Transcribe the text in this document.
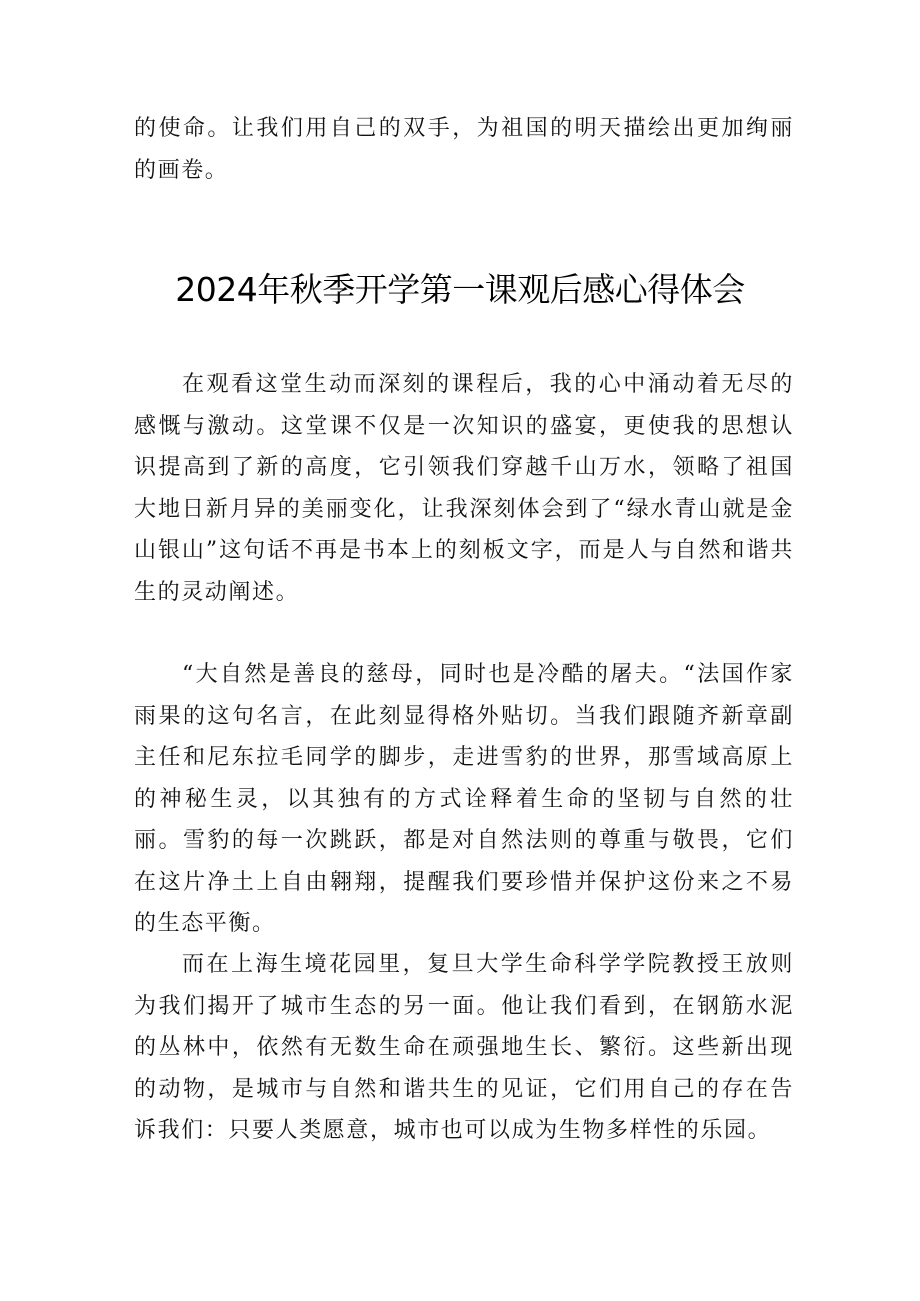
的使命。让我们用自己的双手，为祖国的明天描绘出更加绚丽的画卷。

2024年秋季开学第一课观后感心得体会

在观看这堂生动而深刻的课程后，我的心中涌动着无尽的感慨与激动。这堂课不仅是一次知识的盛宴，更使我的思想认识提高到了新的高度，它引领我们穿越千山万水，领略了祖国大地日新月异的美丽变化，让我深刻体会到了“绿水青山就是金山银山”这句话不再是书本上的刻板文字，而是人与自然和谐共生的灵动阐述。

“大自然是善良的慈母，同时也是冷酷的屠夫。“法国作家雨果的这句名言，在此刻显得格外贴切。当我们跟随齐新章副主任和尼东拉毛同学的脚步，走进雪豹的世界，那雪域高原上的神秘生灵，以其独有的方式诠释着生命的坚韧与自然的壮丽。雪豹的每一次跳跃，都是对自然法则的尊重与敬畏，它们在这片净土上自由翱翔，提醒我们要珍惜并保护这份来之不易的生态平衡。

而在上海生境花园里，复旦大学生命科学学院教授王放则为我们揭开了城市生态的另一面。他让我们看到，在钢筋水泥的丛林中，依然有无数生命在顽强地生长、繁衍。这些新出现的动物，是城市与自然和谐共生的见证，它们用自己的存在告诉我们：只要人类愿意，城市也可以成为生物多样性的乐园。
